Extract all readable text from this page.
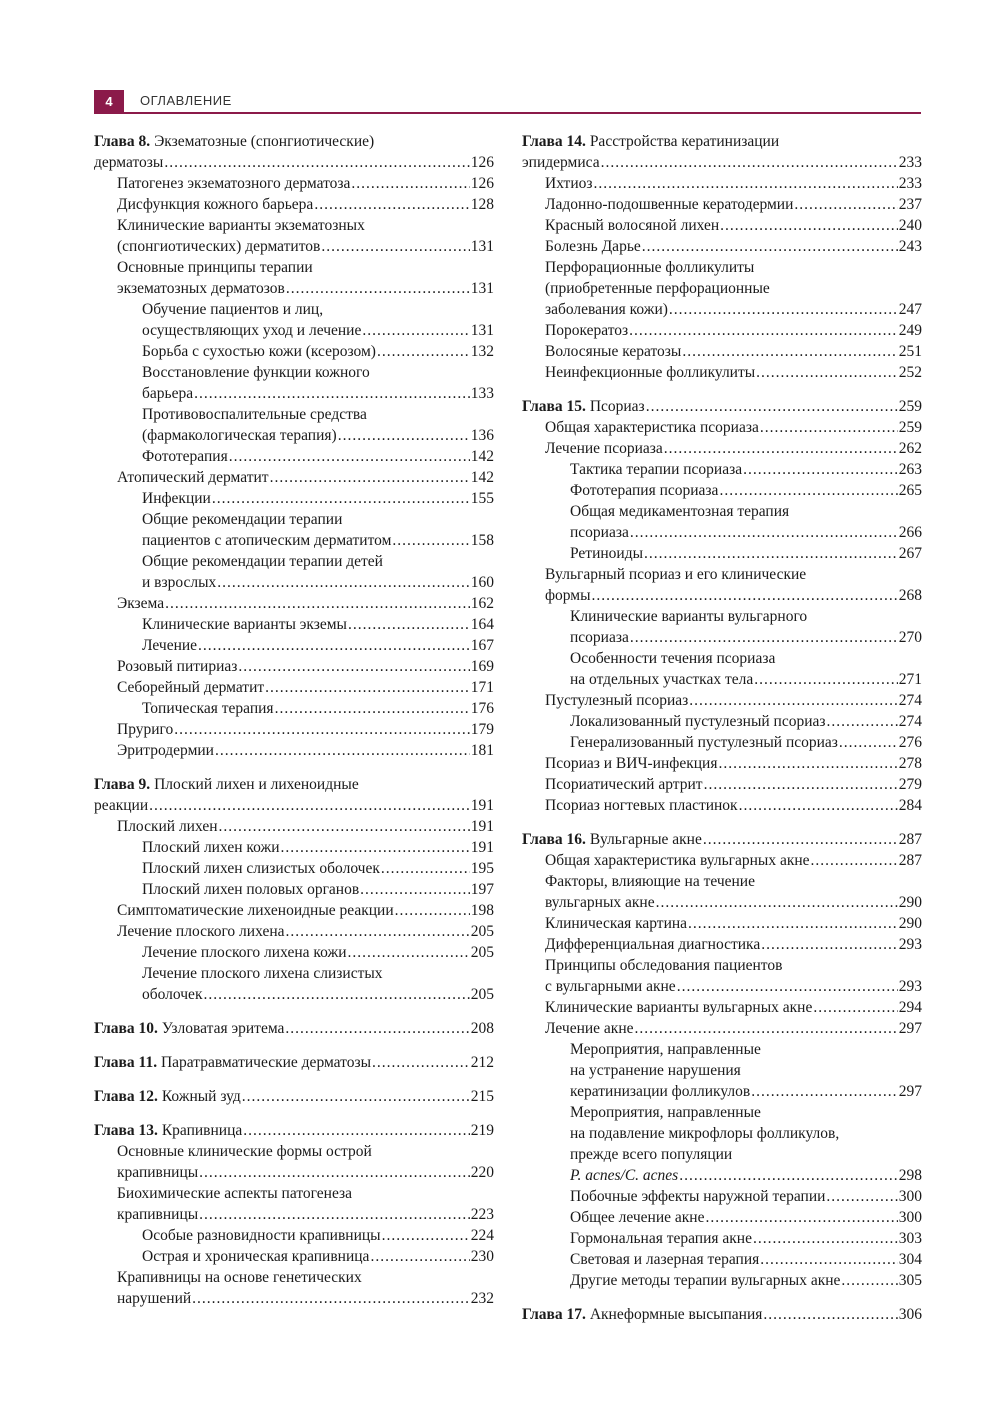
4	ОГЛАВЛЕНИЕ
Глава 8. Экзематозные (спонгиотические)
дерматозы .....	126
Патогенез экзематозного дерматоза .....	126
Дисфункция кожного барьера .....	128
Клинические варианты экзематозных
(спонгиотических) дерматитов .....	131
Основные принципы терапии
экзематозных дерматозов .....	131
Обучение пациентов и лиц,
осуществляющих уход и лечение .....	131
Борьба с сухостью кожи (ксерозом) .....	132
Восстановление функции кожного
барьера .....	133
Противовоспалительные средства
(фармакологическая терапия) .....	136
Фототерапия .....	142
Атопический дерматит .....	142
Инфекции .....	155
Общие рекомендации терапии
пациентов с атопическим дерматитом .....	158
Общие рекомендации терапии детей
и взрослых .....	160
Экзема .....	162
Клинические варианты экземы .....	164
Лечение .....	167
Розовый питириаз .....	169
Себорейный дерматит .....	171
Топическая терапия .....	176
Пруриго .....	179
Эритродермии .....	181
Глава 9. Плоский лихен и лихеноидные
реакции .....	191
Плоский лихен .....	191
Плоский лихен кожи .....	191
Плоский лихен слизистых оболочек .....	195
Плоский лихен половых органов .....	197
Симптоматические лихеноидные реакции .....	198
Лечение плоского лихена .....	205
Лечение плоского лихена кожи .....	205
Лечение плоского лихена слизистых
оболочек .....	205
Глава 10. Узловатая эритема .....	208
Глава 11. Паратравматические дерматозы .....	212
Глава 12. Кожный зуд .....	215
Глава 13. Крапивница .....	219
Основные клинические формы острой
крапивницы .....	220
Биохимические аспекты патогенеза
крапивницы .....	223
Особые разновидности крапивницы .....	224
Острая и хроническая крапивница .....	230
Крапивницы на основе генетических
нарушений .....	232
Глава 14. Расстройства кератинизации
эпидермиса .....	233
Ихтиоз .....	233
Ладонно-подошвенные кератодермии .....	237
Красный волосяной лихен .....	240
Болезнь Дарье .....	243
Перфорационные фолликулиты
(приобретенные перфорационные
заболевания кожи) .....	247
Порокератоз .....	249
Волосяные кератозы .....	251
Неинфекционные фолликулиты .....	252
Глава 15. Псориаз .....	259
Общая характеристика псориаза .....	259
Лечение псориаза .....	262
Тактика терапии псориаза .....	263
Фототерапия псориаза .....	265
Общая медикаментозная терапия
псориаза .....	266
Ретиноиды .....	267
Вульгарный псориаз и его клинические
формы .....	268
Клинические варианты вульгарного
псориаза .....	270
Особенности течения псориаза
на отдельных участках тела .....	271
Пустулезный псориаз .....	274
Локализованный пустулезный псориаз .....	274
Генерализованный пустулезный псориаз .....	276
Псориаз и ВИЧ-инфекция .....	278
Псориатический артрит .....	279
Псориаз ногтевых пластинок .....	284
Глава 16. Вульгарные акне .....	287
Общая характеристика вульгарных акне .....	287
Факторы, влияющие на течение
вульгарных акне .....	290
Клиническая картина .....	290
Дифференциальная диагностика .....	293
Принципы обследования пациентов
с вульгарными акне .....	293
Клинические варианты вульгарных акне .....	294
Лечение акне .....	297
Мероприятия, направленные
на устранение нарушения
кератинизации фолликулов .....	297
Мероприятия, направленные
на подавление микрофлоры фолликулов,
прежде всего популяции
P. acnes/C. acnes .....	298
Побочные эффекты наружной терапии .....	300
Общее лечение акне .....	300
Гормональная терапия акне .....	303
Световая и лазерная терапия .....	304
Другие методы терапии вульгарных акне .....	305
Глава 17. Акнеформные высыпания .....	306
